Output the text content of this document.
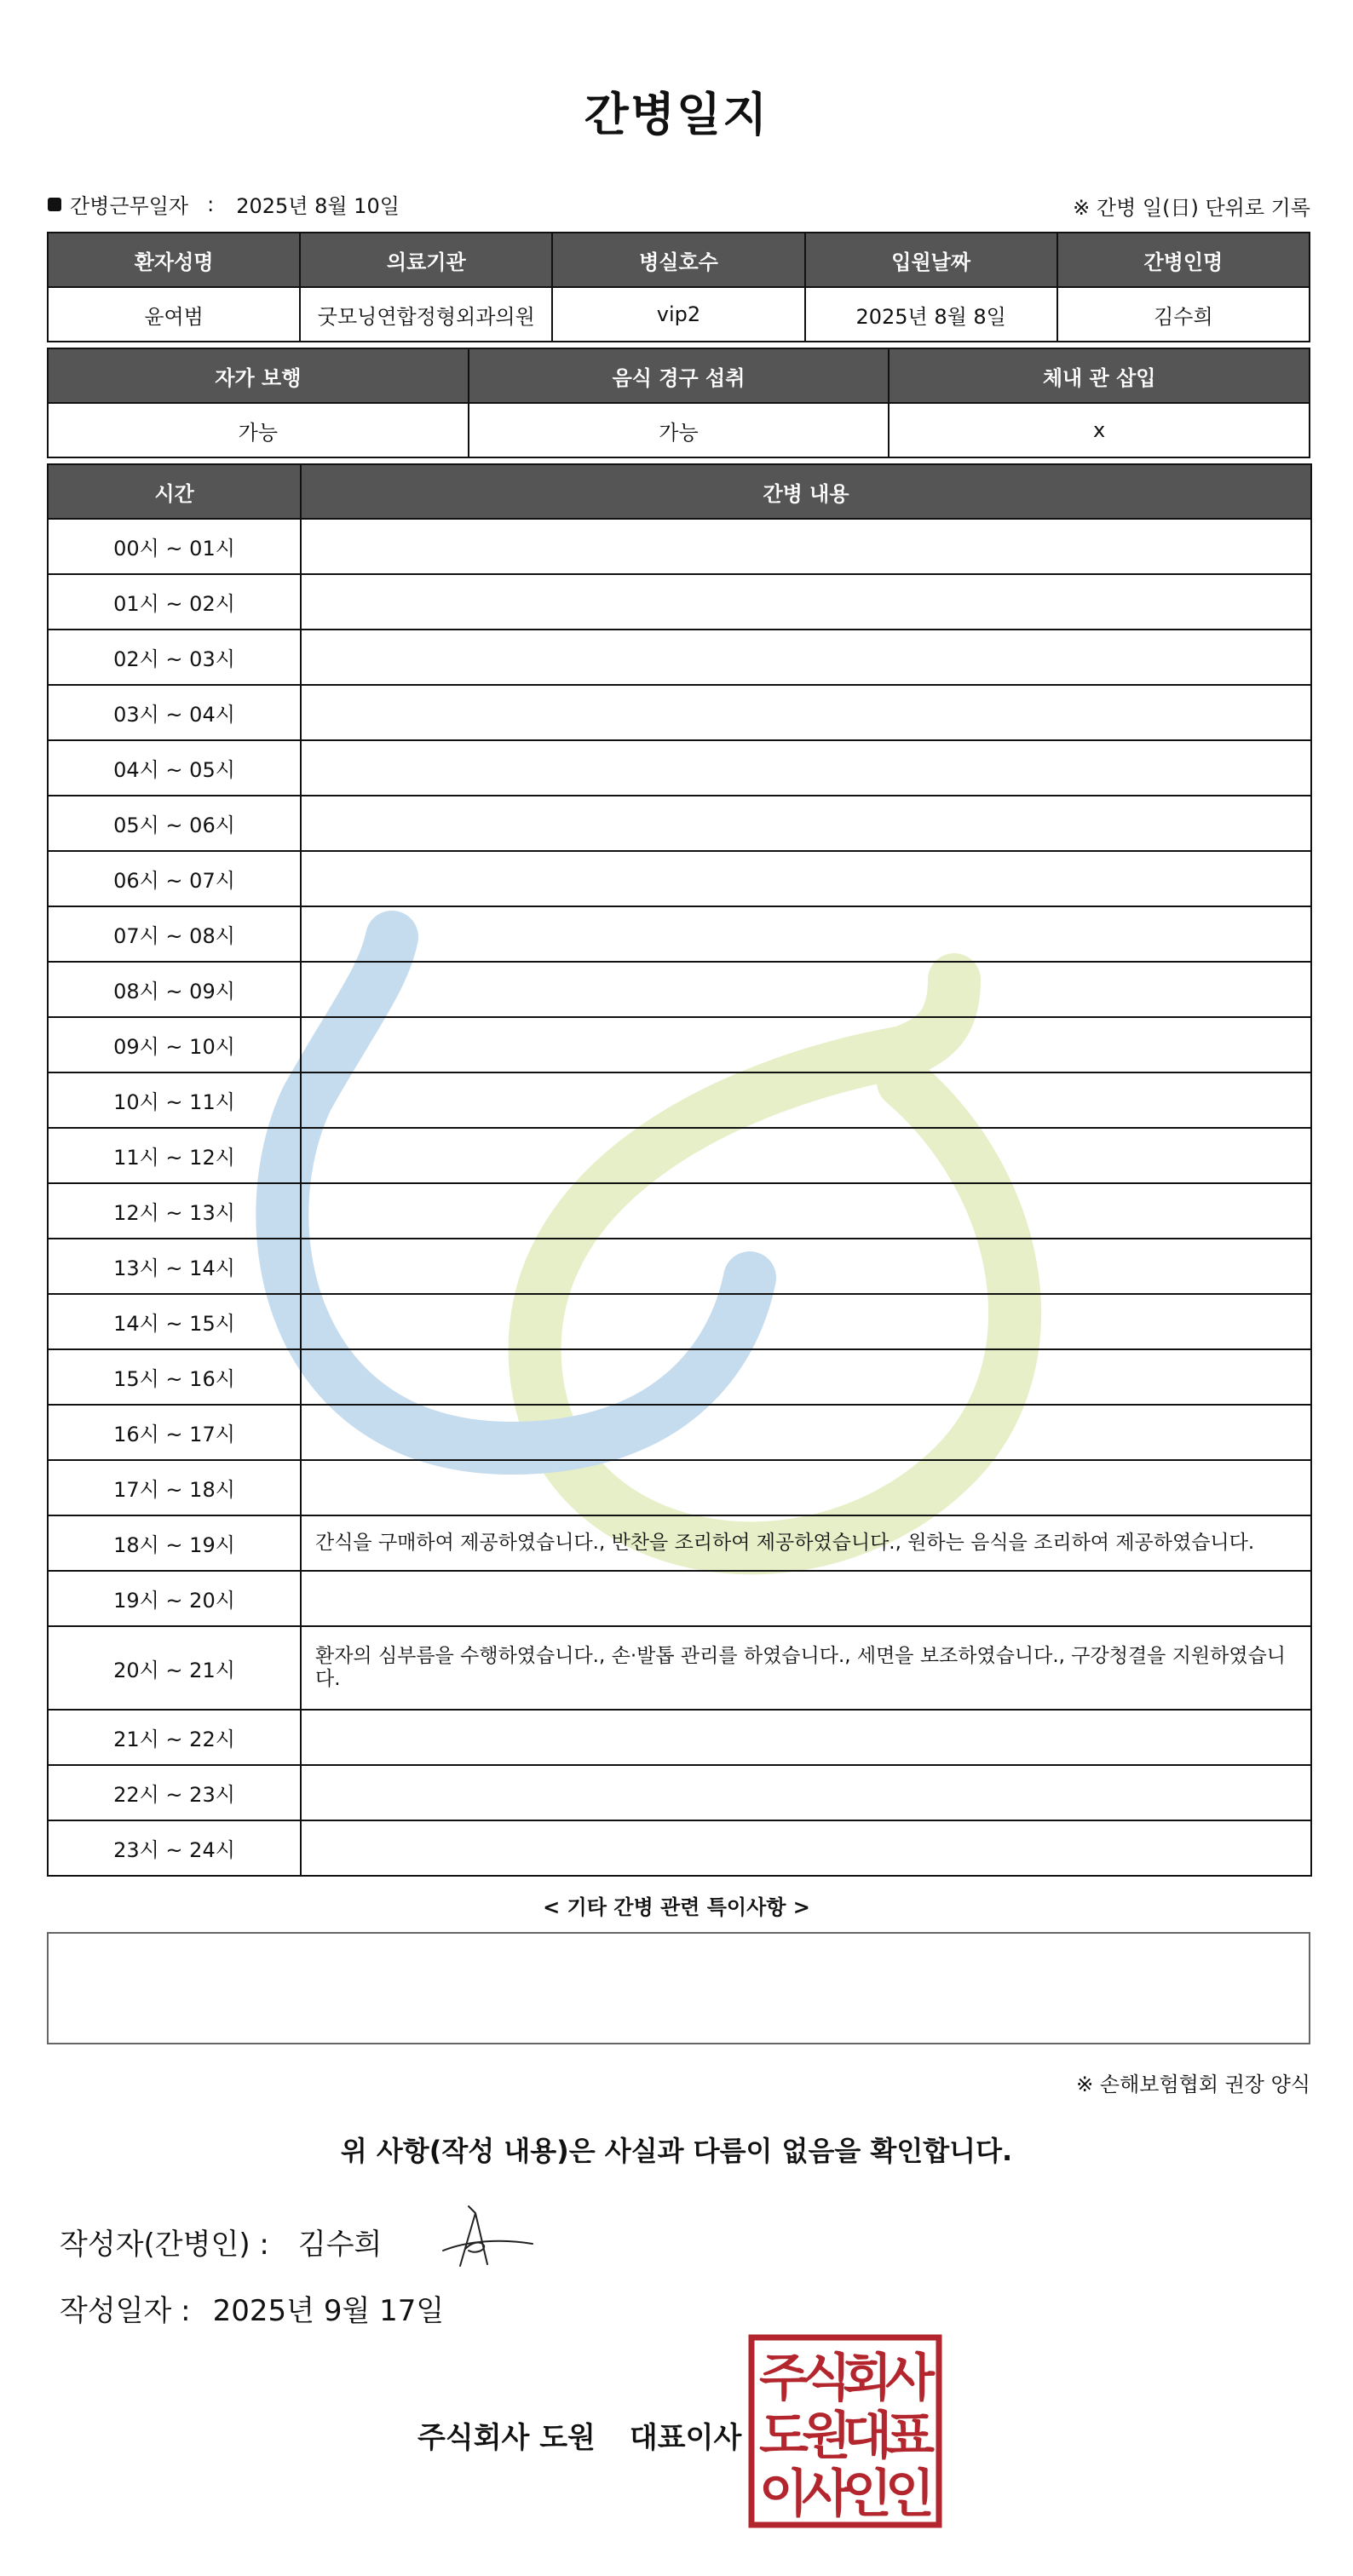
간병일지
간병근무일자 : 2025년 8월 10일	※ 간병 일(日) 단위로 기록
환자성명	의료기관	병실호수	입원날짜	간병인명
윤여범	굿모닝연합정형외과의원	vip2	2025년 8월 8일	김수희
자가 보행	음식 경구 섭취	체내 관 삽입
가능	가능	x
시간	간병 내용
00시 ~ 01시	
01시 ~ 02시	
02시 ~ 03시	
03시 ~ 04시	
04시 ~ 05시	
05시 ~ 06시	
06시 ~ 07시	
07시 ~ 08시	
08시 ~ 09시	
09시 ~ 10시	
10시 ~ 11시	
11시 ~ 12시	
12시 ~ 13시	
13시 ~ 14시	
14시 ~ 15시	
15시 ~ 16시	
16시 ~ 17시	
17시 ~ 18시	
18시 ~ 19시	간식을 구매하여 제공하였습니다., 반찬을 조리하여 제공하였습니다., 원하는 음식을 조리하여 제공하였습니다.
19시 ~ 20시	
20시 ~ 21시	환자의 심부름을 수행하였습니다., 손·발톱 관리를 하였습니다., 세면을 보조하였습니다., 구강청결을 지원하였습니다.
21시 ~ 22시	
22시 ~ 23시	
23시 ~ 24시	
< 기타 간병 관련 특이사항 >
※ 손해보험협회 권장 양식
위 사항(작성 내용)은 사실과 다름이 없음을 확인합니다.
작성자(간병인) : 김수희
작성일자 : 2025년 9월 17일
주식회사 도원 대표이사
주
식
회
사
도
원
대
표
이
사
인
인
